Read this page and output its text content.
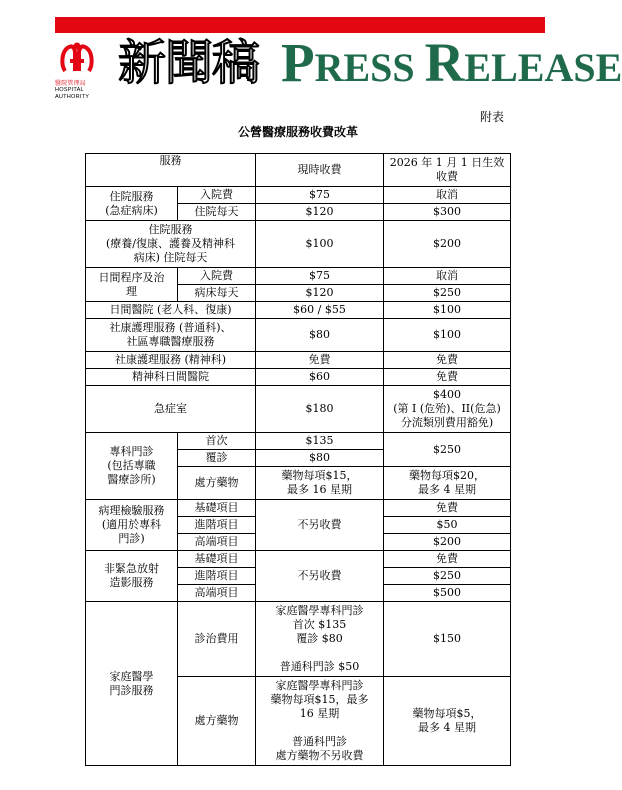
醫院管理局
HOSPITAL
AUTHORITY
新聞稿 PRESS RELEASE
附表
公營醫療服務收費改革
服務		現時收費	2026 年 1 月 1 日生效
收費
住院服務
(急症病床)	入院費	$75	取消
	住院每天	$120	$300
住院服務
(療養/復康、護養及精神科
病床) 住院每天		$100	$200
日間程序及治
理	入院費	$75	取消
	病床每天	$120	$250
日間醫院 (老人科、復康)		$60 / $55	$100
社康護理服務 (普通科)、
社區專職醫療服務		$80	$100
社康護理服務 (精神科)		免費	免費
精神科日間醫院		$60	免費
急症室		$180	$400
(第 I (危殆)、II(危急)
分流類別費用豁免)
專科門診
(包括專職
醫療診所)	首次	$135	$250
	覆診	$80	
	處方藥物	藥物每項$15，
最多 16 星期	藥物每項$20，
最多 4 星期
病理檢驗服務
(適用於專科
門診)	基礎項目	不另收費	免費
	進階項目		$50
	高端項目		$200
非緊急放射
造影服務	基礎項目	不另收費	免費
	進階項目		$250
	高端項目		$500
家庭醫學
門診服務	診治費用	家庭醫學專科門診
首次 $135
覆診 $80

普通科門診 $50	$150
	處方藥物	家庭醫學專科門診
藥物每項$15，最多
16 星期

普通科門診
處方藥物不另收費	藥物每項$5，
最多 4 星期
